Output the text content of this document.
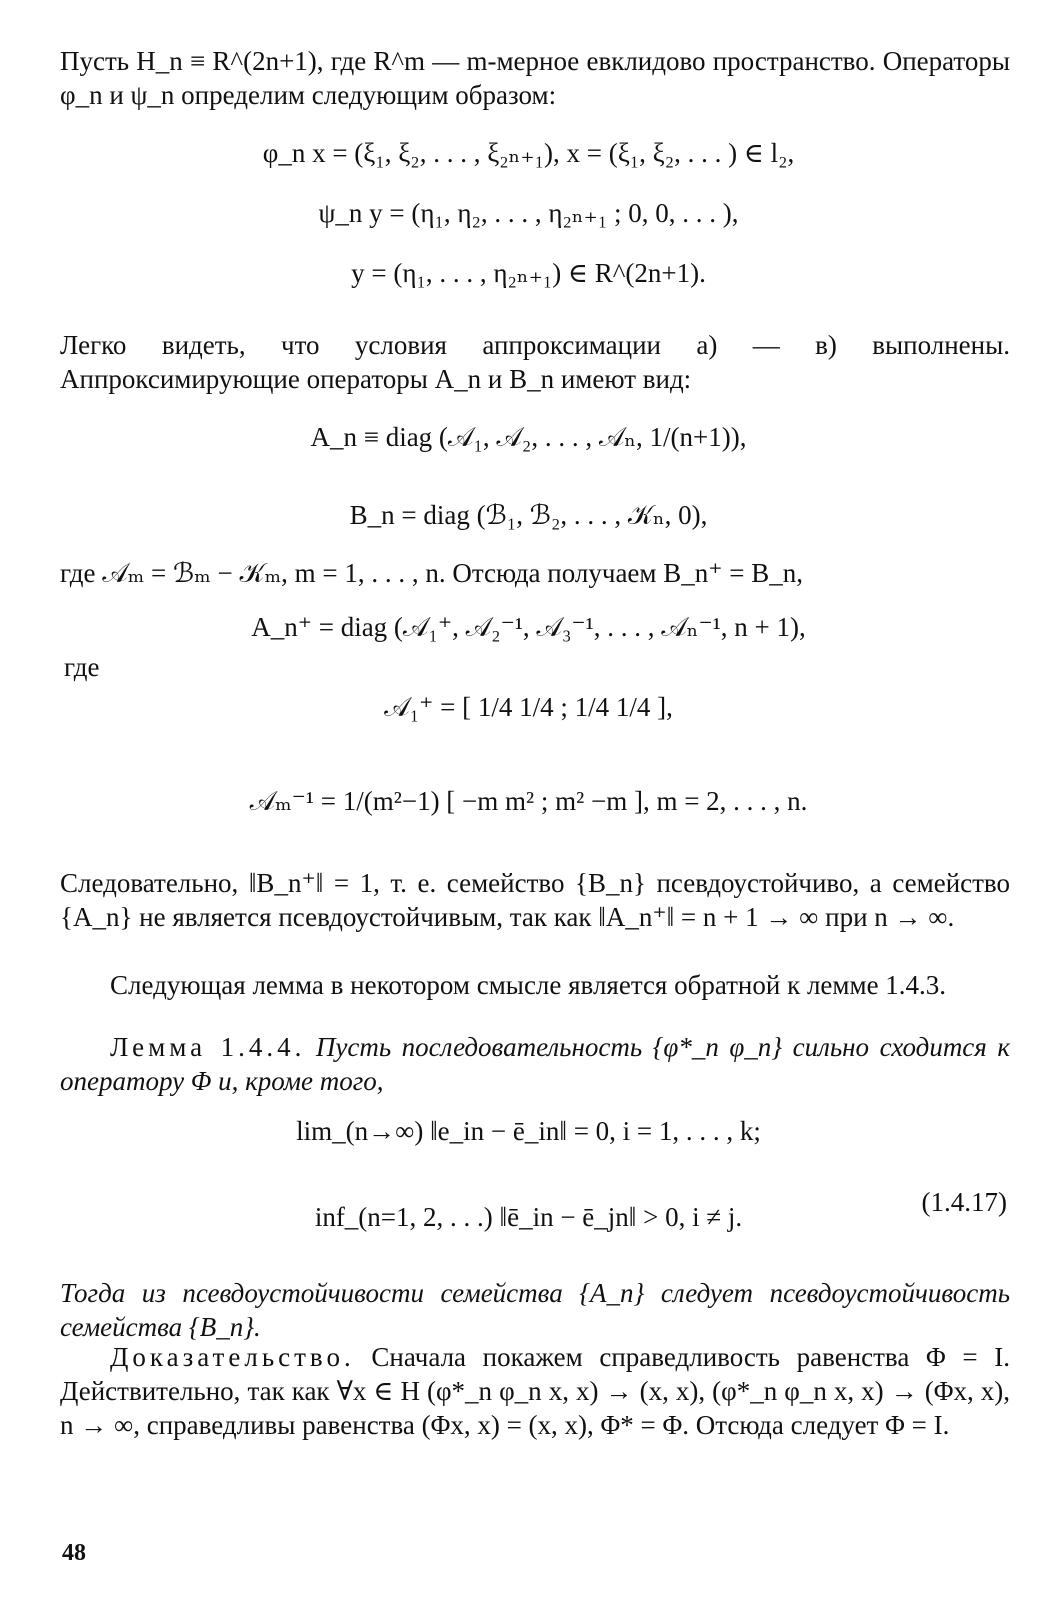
Пусть H_n ≡ R^(2n+1), где R^m — m-мерное евклидово пространство. Операторы φ_n и ψ_n определим следующим образом:

φ_n x = (ξ₁, ξ₂, . . . , ξ₂ₙ₊₁), x = (ξ₁, ξ₂, . . . ) ∈ l₂,

ψ_n y = (η₁, η₂, . . . , η₂ₙ₊₁ ; 0, 0, . . . ),

y = (η₁, . . . , η₂ₙ₊₁) ∈ R^(2n+1).

Легко видеть, что условия аппроксимации а) — в) выполнены. Аппроксимирующие операторы A_n и B_n имеют вид:

A_n ≡ diag (𝒜₁, 𝒜₂, . . . , 𝒜ₙ, 1/(n+1)),

B_n = diag (ℬ₁, ℬ₂, . . . , 𝒦ₙ, 0),

где 𝒜ₘ = ℬₘ − 𝒦ₘ, m = 1, . . . , n. Отсюда получаем B_n⁺ = B_n,

A_n⁺ = diag (𝒜₁⁺, 𝒜₂⁻¹, 𝒜₃⁻¹, . . . , 𝒜ₙ⁻¹, n + 1),

где

𝒜₁⁺ = [ 1/4 1/4 ; 1/4 1/4 ],

𝒜ₘ⁻¹ = 1/(m²−1) [ −m m² ; m² −m ], m = 2, . . . , n.

Следовательно, ‖B_n⁺‖ = 1, т. е. семейство {B_n} псевдоустойчиво, а семейство {A_n} не является псевдоустойчивым, так как ‖A_n⁺‖ = n + 1 → ∞ при n → ∞.

Следующая лемма в некотором смысле является обратной к лемме 1.4.3.

Лемма 1.4.4. Пусть последовательность {φ*_n φ_n} сильно сходится к оператору Φ и, кроме того,

lim_(n→∞) ‖e_in − ē_in‖ = 0, i = 1, . . . , k;

(1.4.17)

inf_(n=1, 2, . . .) ‖ē_in − ē_jn‖ > 0, i ≠ j.

Тогда из псевдоустойчивости семейства {A_n} следует псевдоустойчивость семейства {B_n}.

Доказательство. Сначала покажем справедливость равенства Φ = I. Действительно, так как ∀x ∈ H (φ*_n φ_n x, x) → (x, x), (φ*_n φ_n x, x) → (Φx, x), n → ∞, справедливы равенства (Φx, x) = (x, x), Φ* = Φ. Отсюда следует Φ = I.

48
